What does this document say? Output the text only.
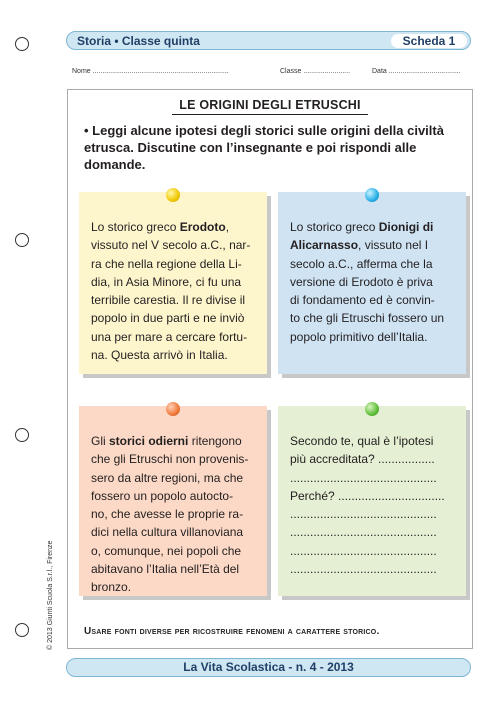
Storia • Classe quinta	Scheda 1
Nome ......................................................................	Classe ........................	Data .....................................
LE ORIGINI DEGLI ETRUSCHI
• Leggi alcune ipotesi degli storici sulle origini della civiltà etrusca. Discutine con l’insegnante e poi rispondi alle domande.
Lo storico greco Erodoto,
vissuto nel V secolo a.C., nar-
ra che nella regione della Li-
dia, in Asia Minore, ci fu una
terribile carestia. Il re divise il
popolo in due parti e ne inviò
una per mare a cercare fortu-
na. Questa arrivò in Italia.
Lo storico greco Dionigi di
Alicarnasso, vissuto nel I
secolo a.C., afferma che la
versione di Erodoto è priva
di fondamento ed è convin-
to che gli Etruschi fossero un
popolo primitivo dell’Italia.
Gli storici odierni ritengono
che gli Etruschi non provenis-
sero da altre regioni, ma che
fossero un popolo autocto-
no, che avesse le proprie ra-
dici nella cultura villanoviana
o, comunque, nei popoli che
abitavano l’Italia nell’Età del
bronzo.
Secondo te, qual è l’ipotesi
più accreditata? .................
............................................
Perché? ................................
............................................
............................................
............................................
............................................
Usare fonti diverse per ricostruire fenomeni a carattere storico.
La Vita Scolastica - n. 4 - 2013
© 2013 Giunti Scuola S.r.l., Firenze
